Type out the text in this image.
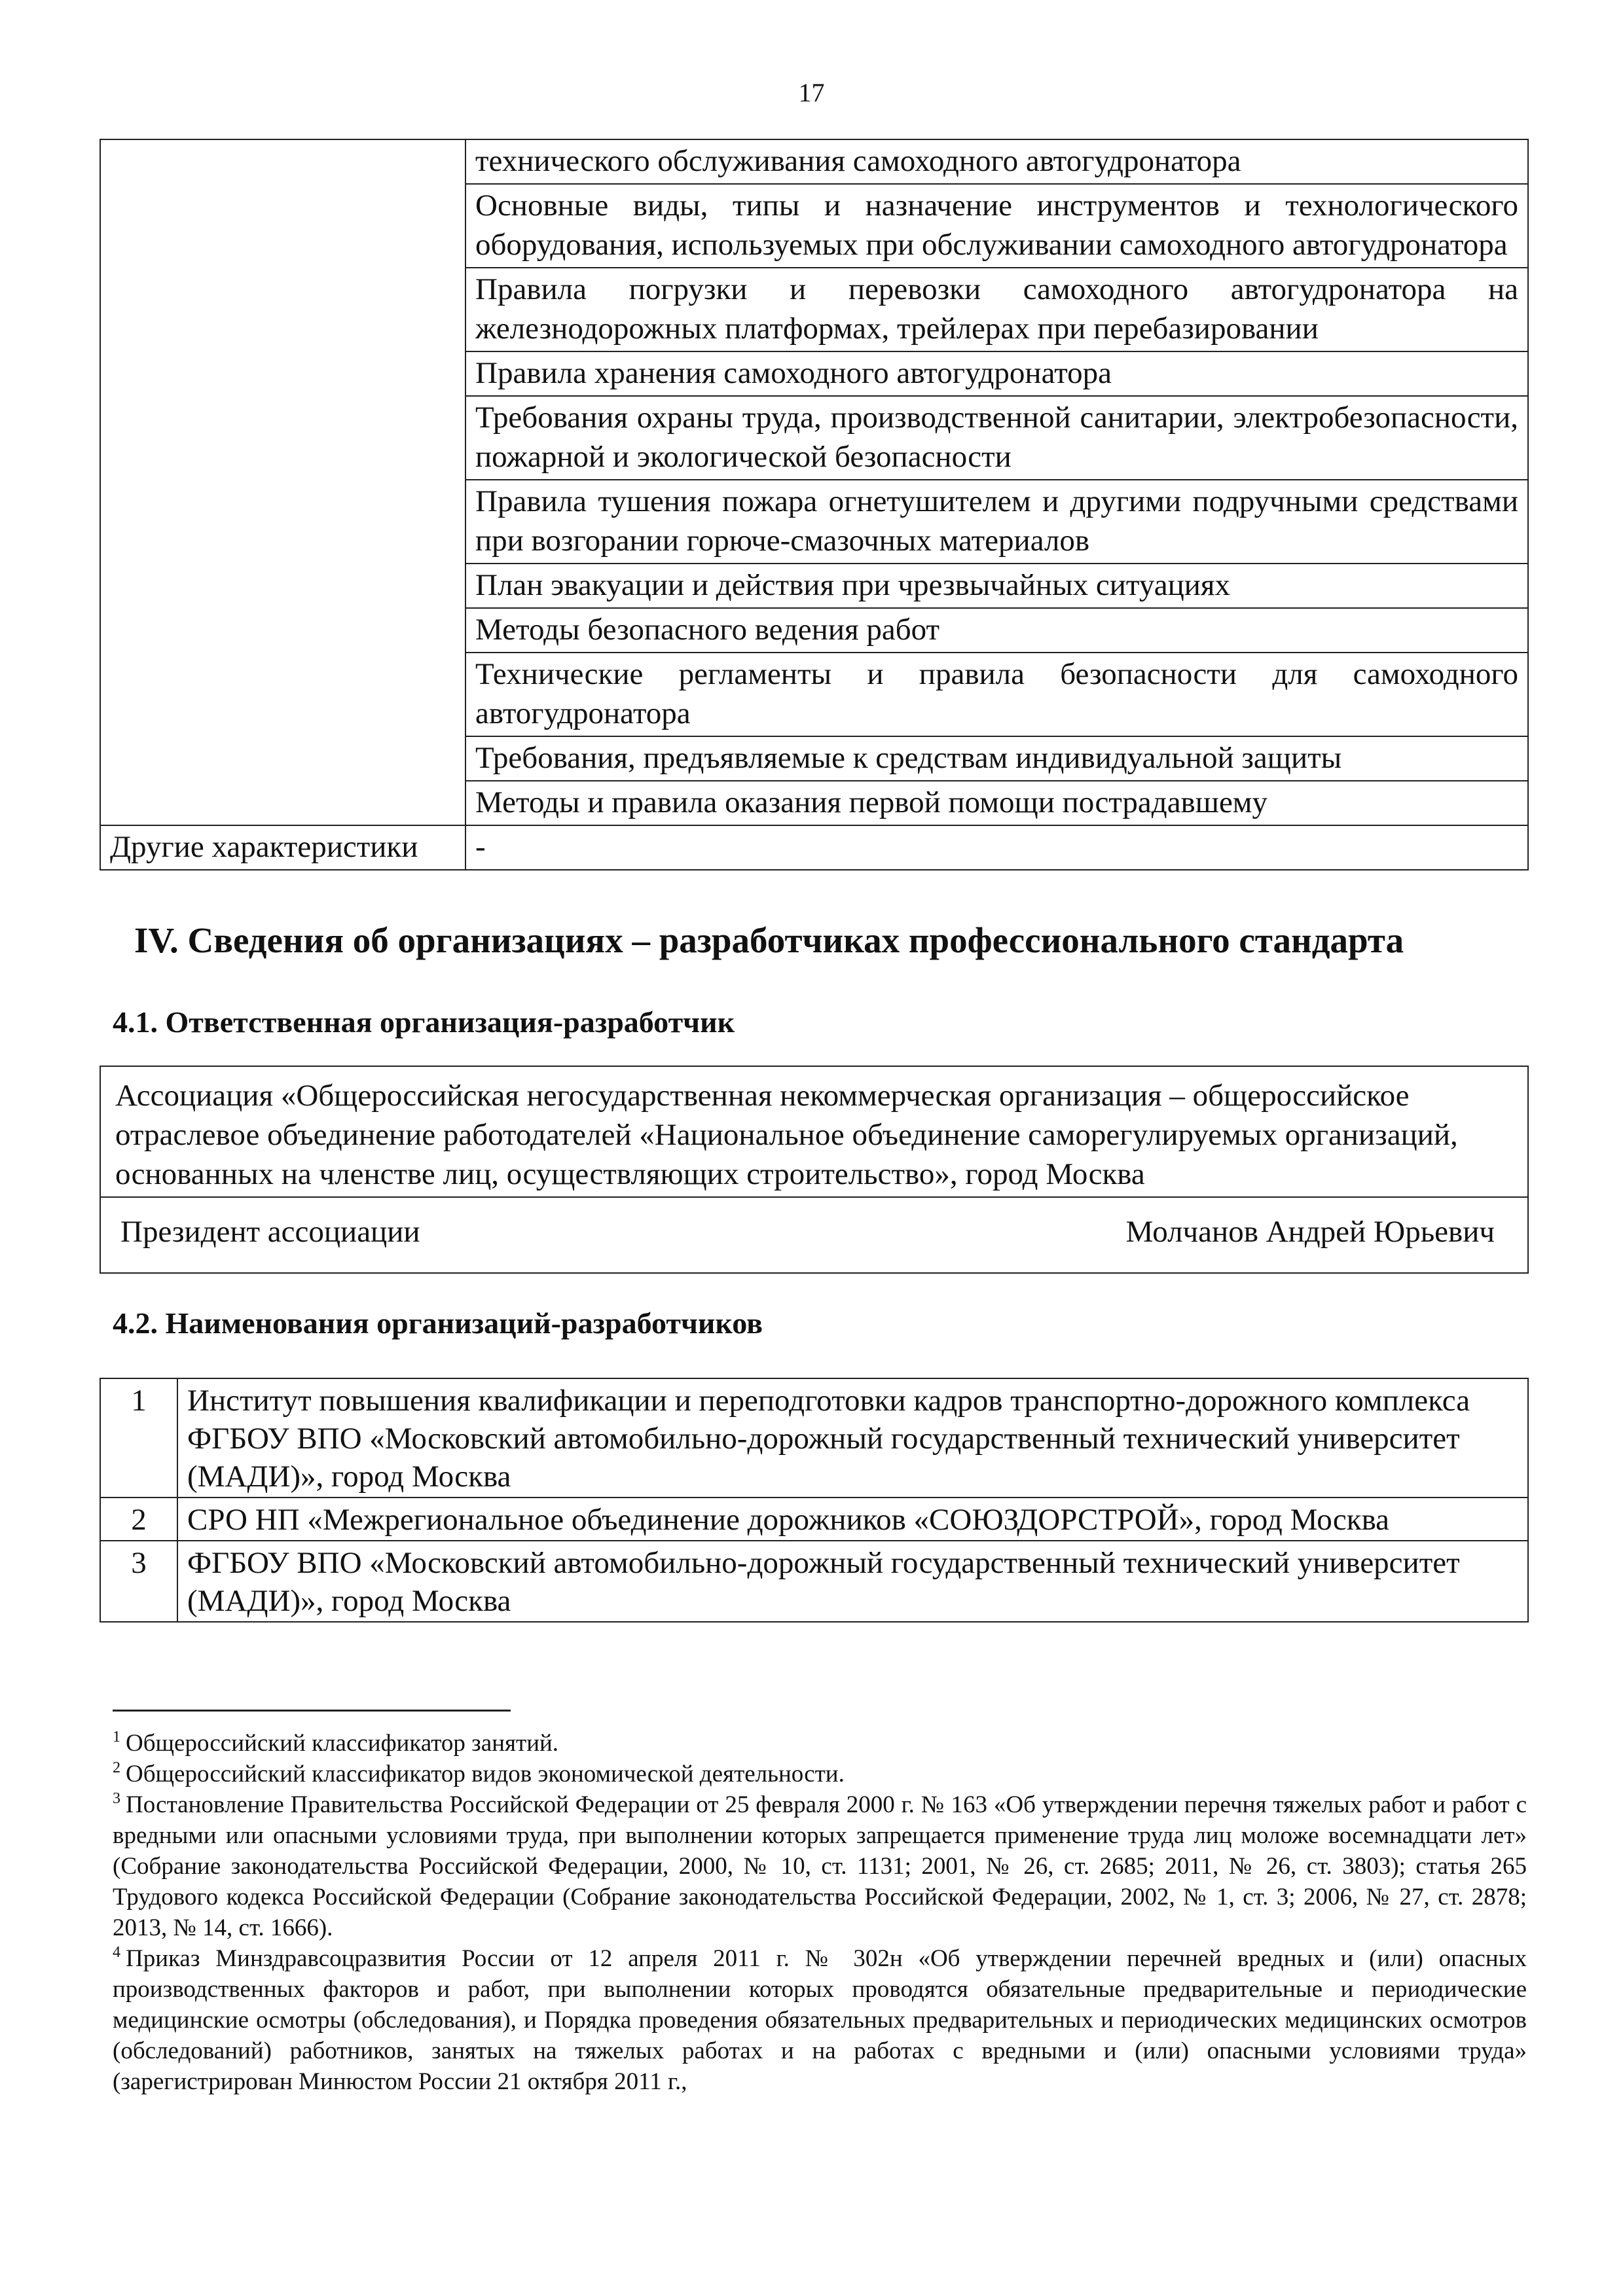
17
	технического обслуживания самоходного автогудронатора
	Основные виды, типы и назначение инструментов и технологического оборудования, используемых при обслуживании самоходного автогудронатора
	Правила погрузки и перевозки самоходного автогудронатора на железнодорожных платформах, трейлерах при перебазировании
	Правила хранения самоходного автогудронатора
	Требования охраны труда, производственной санитарии, электробезопасности, пожарной и экологической безопасности
	Правила тушения пожара огнетушителем и другими подручными средствами при возгорании горюче-смазочных материалов
	План эвакуации и действия при чрезвычайных ситуациях
	Методы безопасного ведения работ
	Технические регламенты и правила безопасности для самоходного автогудронатора
	Требования, предъявляемые к средствам индивидуальной защиты
	Методы и правила оказания первой помощи пострадавшему
Другие характеристики	-
IV. Сведения об организациях – разработчиках профессионального стандарта
4.1. Ответственная организация-разработчик
Ассоциация «Общероссийская негосударственная некоммерческая организация – общероссийское отраслевое объединение работодателей «Национальное объединение саморегулируемых организаций, основанных на членстве лиц, осуществляющих строительство», город Москва
Президент ассоциации	Молчанов Андрей Юрьевич
4.2. Наименования организаций-разработчиков
1	Институт повышения квалификации и переподготовки кадров транспортно-дорожного комплекса ФГБОУ ВПО «Московский автомобильно-дорожный государственный технический университет (МАДИ)», город Москва
2	СРО НП «Межрегиональное объединение дорожников «СОЮЗДОРСТРОЙ», город Москва
3	ФГБОУ ВПО «Московский автомобильно-дорожный государственный технический университет (МАДИ)», город Москва

$^1$ Общероссийский классификатор занятий.

$^2$ Общероссийский классификатор видов экономической деятельности.

$^3$ Постановление Правительства Российской Федерации от 25 февраля 2000 г. № 163 «Об утверждении перечня тяжелых работ и работ с вредными или опасными условиями труда, при выполнении которых запрещается применение труда лиц моложе восемнадцати лет» (Собрание законодательства Российской Федерации, 2000, № 10, ст. 1131; 2001, № 26, ст. 2685; 2011, № 26, ст. 3803); статья 265 Трудового кодекса Российской Федерации (Собрание законодательства Российской Федерации, 2002, № 1, ст. 3; 2006, № 27, ст. 2878; 2013, № 14, ст. 1666).

$^4$ Приказ Минздравсоцразвития России от 12 апреля 2011 г. № 302н «Об утверждении перечней вредных и (или) опасных производственных факторов и работ, при выполнении которых проводятся обязательные предварительные и периодические медицинские осмотры (обследования), и Порядка проведения обязательных предварительных и периодических медицинских осмотров (обследований) работников, занятых на тяжелых работах и на работах с вредными и (или) опасными условиями труда» (зарегистрирован Минюстом России 21 октября 2011 г.,
